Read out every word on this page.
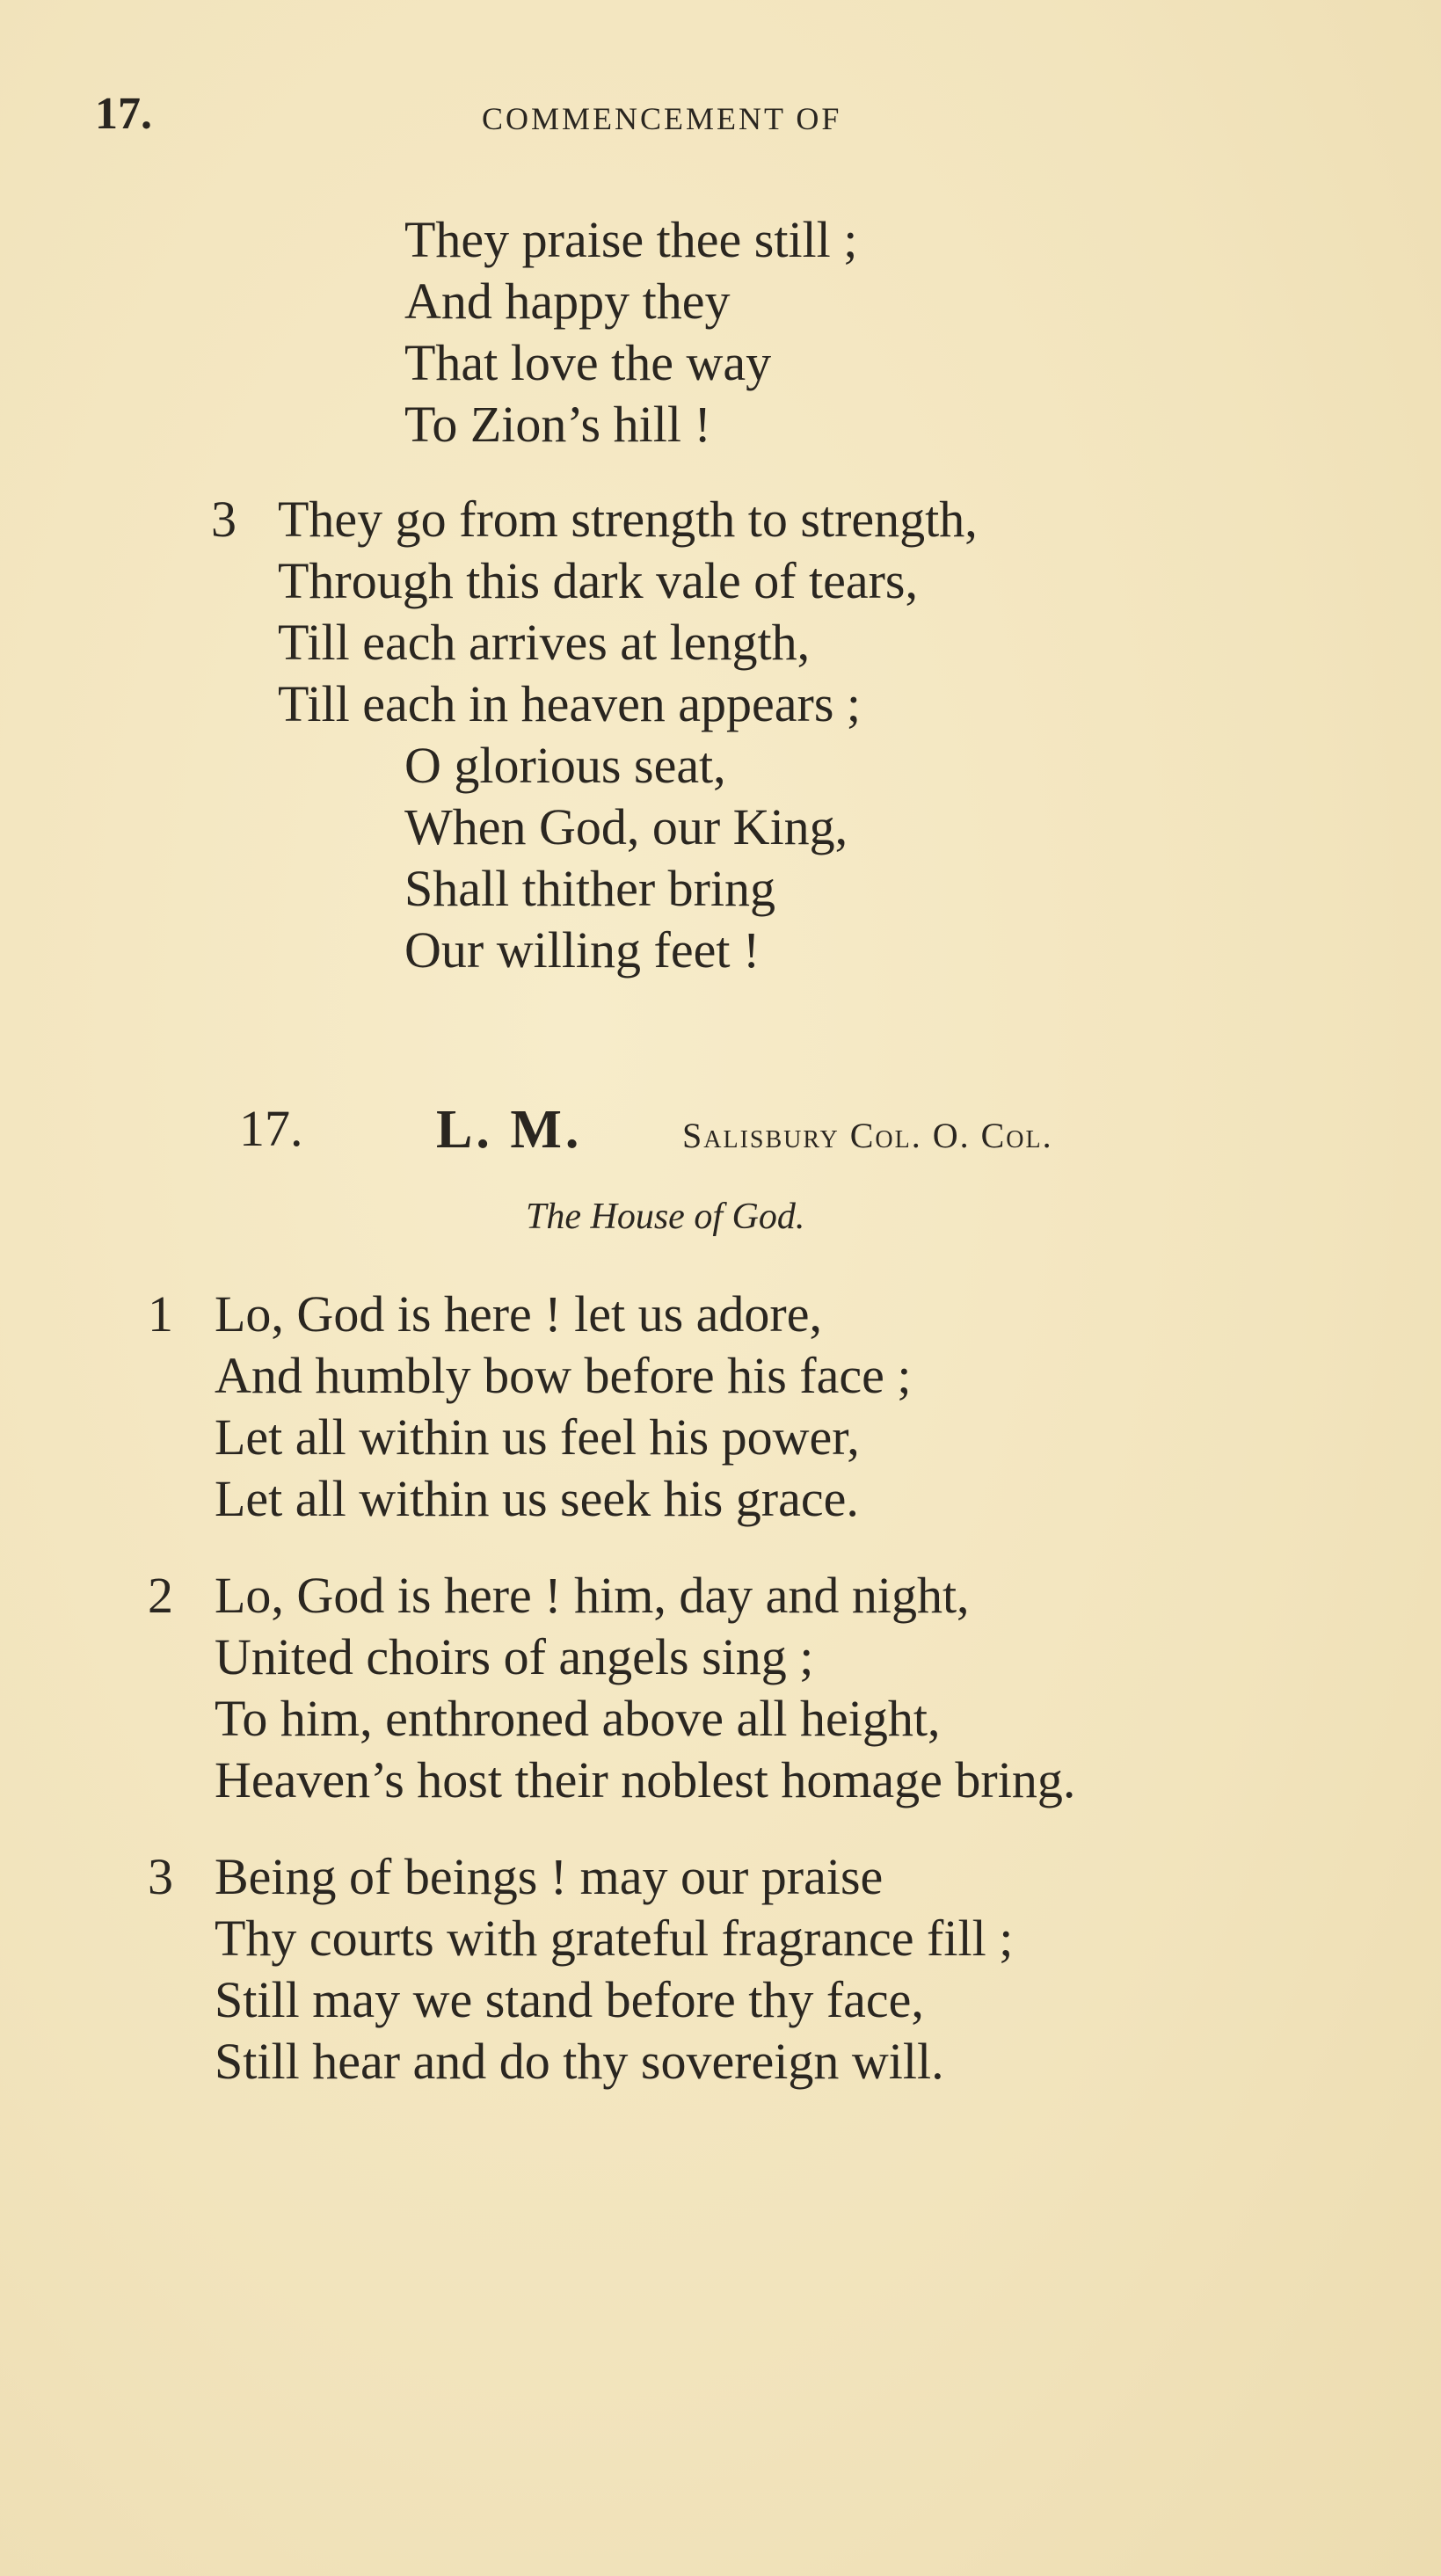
17.	COMMENCEMENT OF
They praise thee still ;
And happy they
That love the way
To Zion’s hill !
3 They go from strength to strength,
Through this dark vale of tears,
Till each arrives at length,
Till each in heaven appears ;
O glorious seat,
When God, our King,
Shall thither bring
Our willing feet !
17. L. M.	Salisbury Col. O. Col.
The House of God.
1 Lo, God is here ! let us adore,
And humbly bow before his face ;
Let all within us feel his power,
Let all within us seek his grace.
2 Lo, God is here ! him, day and night,
United choirs of angels sing ;
To him, enthroned above all height,
Heaven’s host their noblest homage bring.
3 Being of beings ! may our praise
Thy courts with grateful fragrance fill ;
Still may we stand before thy face,
Still hear and do thy sovereign will.
